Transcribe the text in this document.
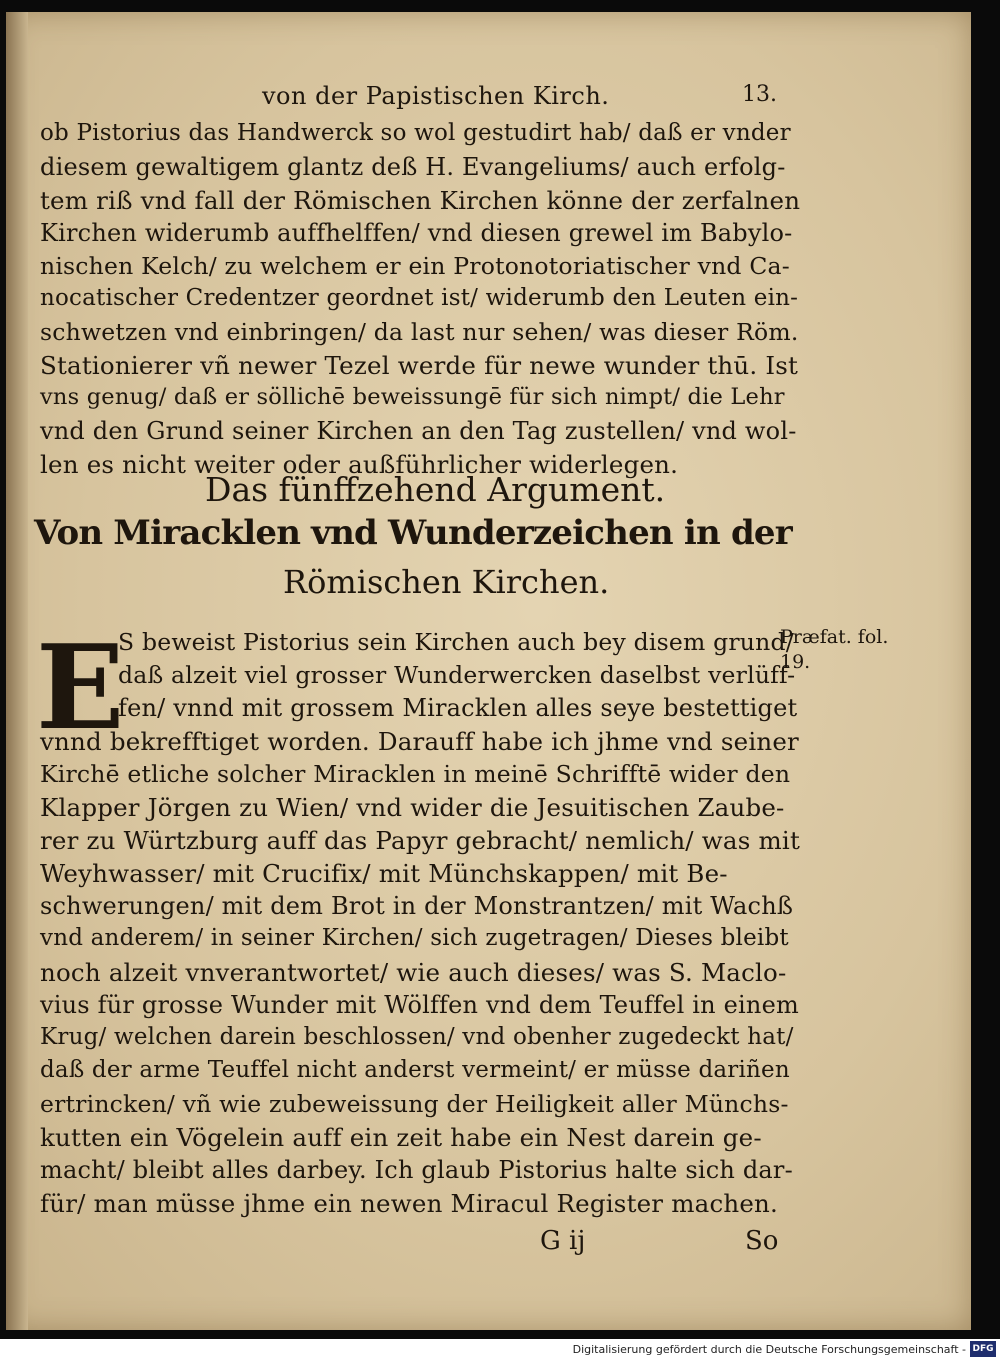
von der Papistischen Kirch.	13.
ob Pistorius das Handwerck so wol gestudirt hab/ daß er vnder
diesem gewaltigem glantz deß H. Evangeliums/ auch erfolg-
tem riß vnd fall der Römischen Kirchen könne der zerfalnen
Kirchen widerumb auffhelffen/ vnd diesen grewel im Babylo-
nischen Kelch/ zu welchem er ein Protonotoriatischer vnd Ca-
nocatischer Credentzer geordnet ist/ widerumb den Leuten ein-
schwetzen vnd einbringen/ da last nur sehen/ was dieser Röm.
Stationierer vñ newer Tezel werde für newe wunder thū. Ist
vns genug/ daß er söllichē beweissungē für sich nimpt/ die Lehr
vnd den Grund seiner Kirchen an den Tag zustellen/ vnd wol-
len es nicht weiter oder außführlicher widerlegen.
Das fünffzehend Argument.
Von Miracklen vnd Wunderzeichen in der
Römischen Kirchen.
E
S beweist Pistorius sein Kirchen auch bey disem grund/
daß alzeit viel grosser Wunderwercken daselbst verlüff-
fen/ vnnd mit grossem Miracklen alles seye bestettiget
vnnd bekrefftiget worden. Darauff habe ich jhme vnd seiner
Kirchē etliche solcher Miracklen in meinē Schrifftē wider den
Klapper Jörgen zu Wien/ vnd wider die Jesuitischen Zaube-
rer zu Würtzburg auff das Papyr gebracht/ nemlich/ was mit
Weyhwasser/ mit Crucifix/ mit Münchskappen/ mit Be-
schwerungen/ mit dem Brot in der Monstrantzen/ mit Wachß
vnd anderem/ in seiner Kirchen/ sich zugetragen/ Dieses bleibt
noch alzeit vnverantwortet/ wie auch dieses/ was S. Maclo-
vius für grosse Wunder mit Wölffen vnd dem Teuffel in einem
Krug/ welchen darein beschlossen/ vnd obenher zugedeckt hat/
daß der arme Teuffel nicht anderst vermeint/ er müsse dariñen
ertrincken/ vñ wie zubeweissung der Heiligkeit aller Münchs-
kutten ein Vögelein auff ein zeit habe ein Nest darein ge-
macht/ bleibt alles darbey. Ich glaub Pistorius halte sich dar-
für/ man müsse jhme ein newen Miracul Register machen.
Præfat. fol.
19.
G ij	So
Digitalisierung gefördert durch die Deutsche Forschungsgemeinschaft - DFG
